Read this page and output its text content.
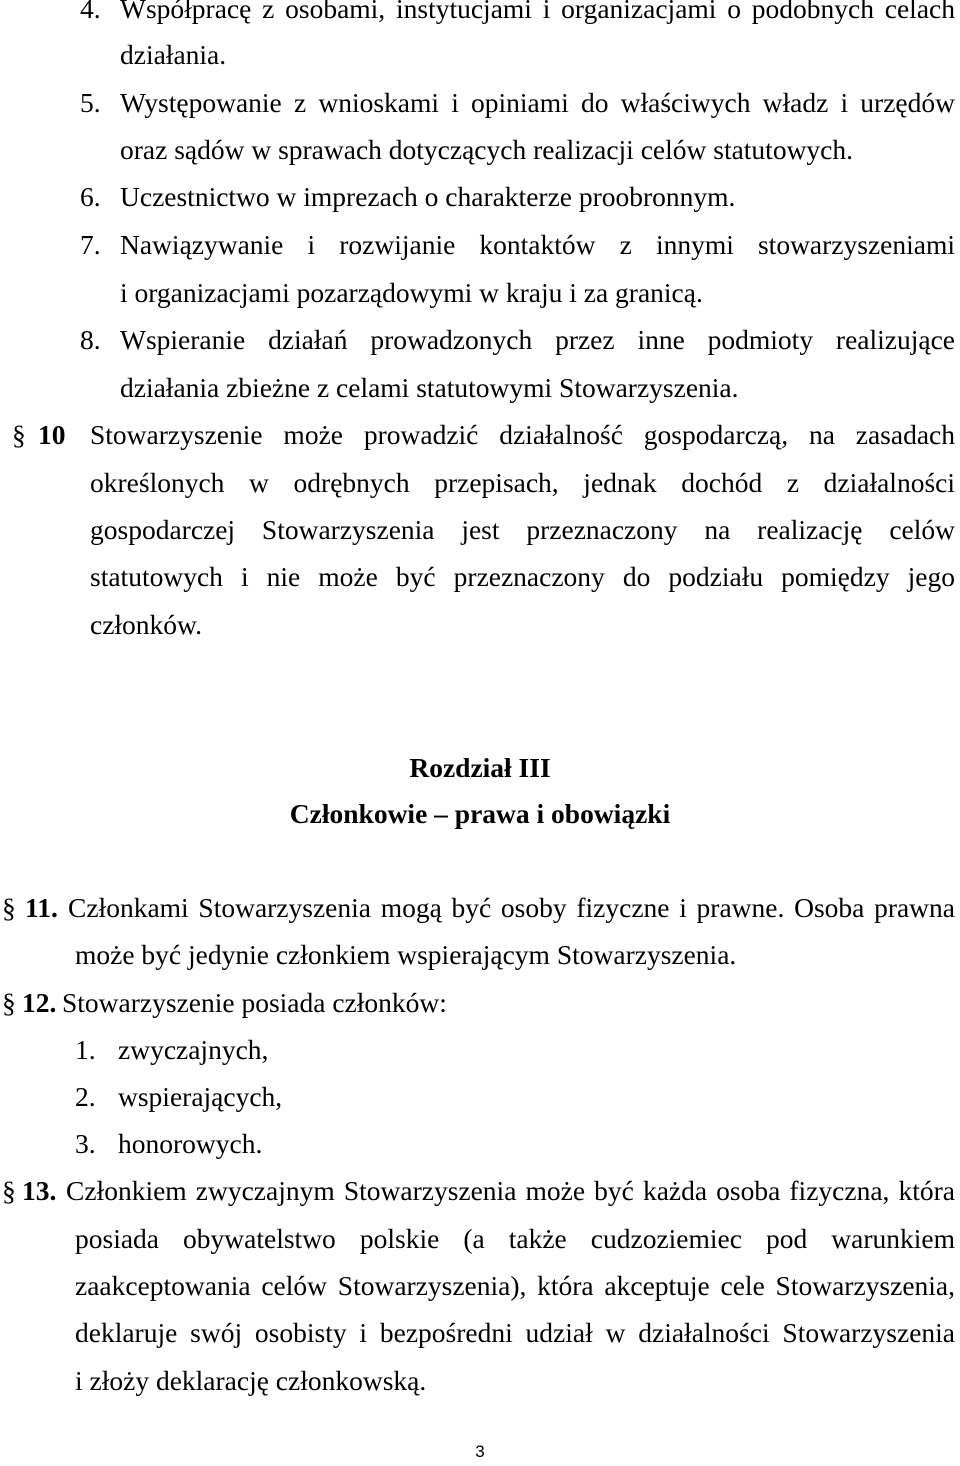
4. Współpracę z osobami, instytucjami i organizacjami o podobnych celach
działania.
5. Występowanie z wnioskami i opiniami do właściwych władz i urzędów
oraz sądów w sprawach dotyczących realizacji celów statutowych.
6. Uczestnictwo w imprezach o charakterze proobronnym.
7. Nawiązywanie i rozwijanie kontaktów z innymi stowarzyszeniami
i organizacjami pozarządowymi w kraju i za granicą.
8. Wspieranie działań prowadzonych przez inne podmioty realizujące
działania zbieżne z celami statutowymi Stowarzyszenia.
§ 10 Stowarzyszenie może prowadzić działalność gospodarczą, na zasadach
określonych w odrębnych przepisach, jednak dochód z działalności
gospodarczej Stowarzyszenia jest przeznaczony na realizację celów
statutowych i nie może być przeznaczony do podziału pomiędzy jego
członków.
Rozdział III
Członkowie – prawa i obowiązki
§ 11. Członkami Stowarzyszenia mogą być osoby fizyczne i prawne. Osoba prawna
może być jedynie członkiem wspierającym Stowarzyszenia.
§ 12. Stowarzyszenie posiada członków:
1. zwyczajnych,
2. wspierających,
3. honorowych.
§ 13. Członkiem zwyczajnym Stowarzyszenia może być każda osoba fizyczna, która
posiada obywatelstwo polskie (a także cudzoziemiec pod warunkiem
zaakceptowania celów Stowarzyszenia), która akceptuje cele Stowarzyszenia,
deklaruje swój osobisty i bezpośredni udział w działalności Stowarzyszenia
i złoży deklarację członkowską.
3
